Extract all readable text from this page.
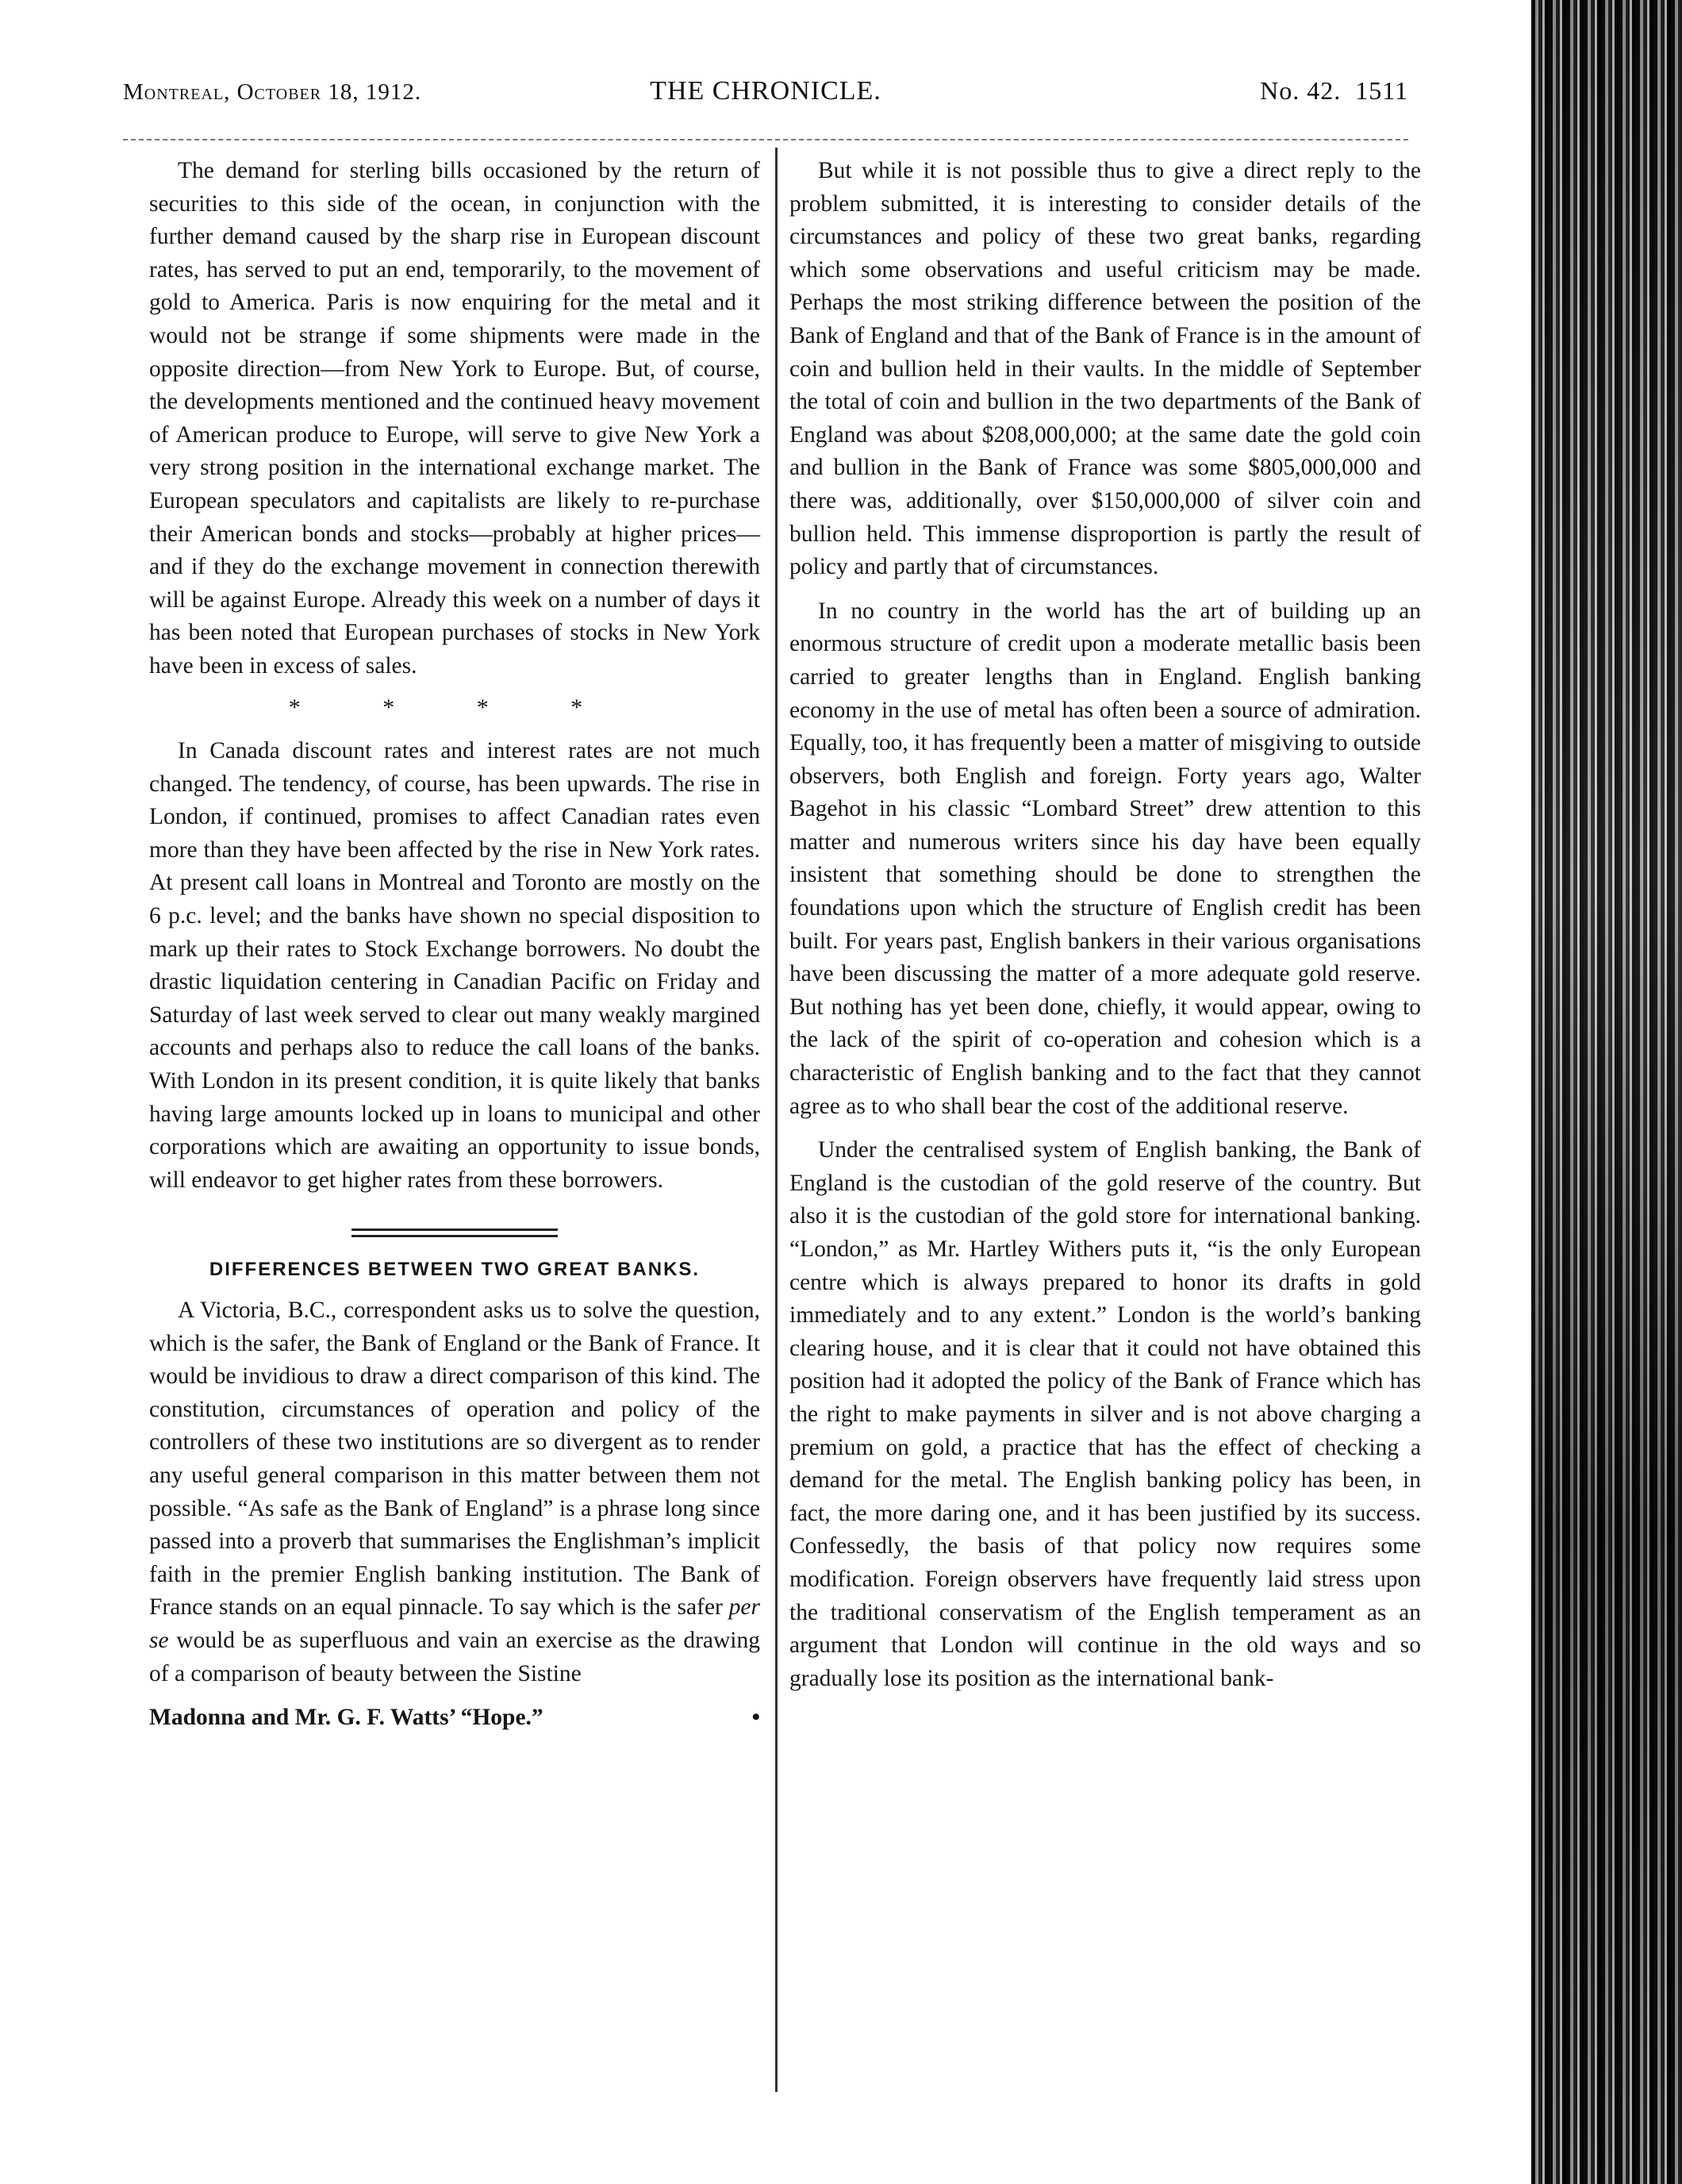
Montreal, October 18, 1912.	THE CHRONICLE.	No. 42. 1511

The demand for sterling bills occasioned by the return of securities to this side of the ocean, in conjunction with the further demand caused by the sharp rise in European discount rates, has served to put an end, temporarily, to the movement of gold to America. Paris is now enquiring for the metal and it would not be strange if some shipments were made in the opposite direction—from New York to Europe. But, of course, the developments mentioned and the continued heavy movement of American produce to Europe, will serve to give New York a very strong position in the international exchange market. The European speculators and capitalists are likely to re-purchase their American bonds and stocks—probably at higher prices—and if they do the exchange movement in connection therewith will be against Europe. Already this week on a number of days it has been noted that European purchases of stocks in New York have been in excess of sales.

* * * *

In Canada discount rates and interest rates are not much changed. The tendency, of course, has been upwards. The rise in London, if continued, promises to affect Canadian rates even more than they have been affected by the rise in New York rates. At present call loans in Montreal and Toronto are mostly on the 6 p.c. level; and the banks have shown no special disposition to mark up their rates to Stock Exchange borrowers. No doubt the drastic liquidation centering in Canadian Pacific on Friday and Saturday of last week served to clear out many weakly margined accounts and perhaps also to reduce the call loans of the banks. With London in its present condition, it is quite likely that banks having large amounts locked up in loans to municipal and other corporations which are awaiting an opportunity to issue bonds, will endeavor to get higher rates from these borrowers.

DIFFERENCES BETWEEN TWO GREAT BANKS.

A Victoria, B.C., correspondent asks us to solve the question, which is the safer, the Bank of England or the Bank of France. It would be invidious to draw a direct comparison of this kind. The constitution, circumstances of operation and policy of the controllers of these two institutions are so divergent as to render any useful general comparison in this matter between them not possible. “As safe as the Bank of England” is a phrase long since passed into a proverb that summarises the Englishman’s implicit faith in the premier English banking institution. The Bank of France stands on an equal pinnacle. To say which is the safer per se would be as superfluous and vain an exercise as the drawing of a comparison of beauty between the Sistine

Madonna and Mr. G. F. Watts’ “Hope.”	•

But while it is not possible thus to give a direct reply to the problem submitted, it is interesting to consider details of the circumstances and policy of these two great banks, regarding which some observations and useful criticism may be made. Perhaps the most striking difference between the position of the Bank of England and that of the Bank of France is in the amount of coin and bullion held in their vaults. In the middle of September the total of coin and bullion in the two departments of the Bank of England was about $208,000,000; at the same date the gold coin and bullion in the Bank of France was some $805,000,000 and there was, additionally, over $150,000,000 of silver coin and bullion held. This immense disproportion is partly the result of policy and partly that of circumstances.

In no country in the world has the art of building up an enormous structure of credit upon a moderate metallic basis been carried to greater lengths than in England. English banking economy in the use of metal has often been a source of admiration. Equally, too, it has frequently been a matter of misgiving to outside observers, both English and foreign. Forty years ago, Walter Bagehot in his classic “Lombard Street” drew attention to this matter and numerous writers since his day have been equally insistent that something should be done to strengthen the foundations upon which the structure of English credit has been built. For years past, English bankers in their various organisations have been discussing the matter of a more adequate gold reserve. But nothing has yet been done, chiefly, it would appear, owing to the lack of the spirit of co-operation and cohesion which is a characteristic of English banking and to the fact that they cannot agree as to who shall bear the cost of the additional reserve.

Under the centralised system of English banking, the Bank of England is the custodian of the gold reserve of the country. But also it is the custodian of the gold store for international banking. “London,” as Mr. Hartley Withers puts it, “is the only European centre which is always prepared to honor its drafts in gold immediately and to any extent.” London is the world’s banking clearing house, and it is clear that it could not have obtained this position had it adopted the policy of the Bank of France which has the right to make payments in silver and is not above charging a premium on gold, a practice that has the effect of checking a demand for the metal. The English banking policy has been, in fact, the more daring one, and it has been justified by its success. Confessedly, the basis of that policy now requires some modification. Foreign observers have frequently laid stress upon the traditional conservatism of the English temperament as an argument that London will continue in the old ways and so gradually lose its position as the international bank-
